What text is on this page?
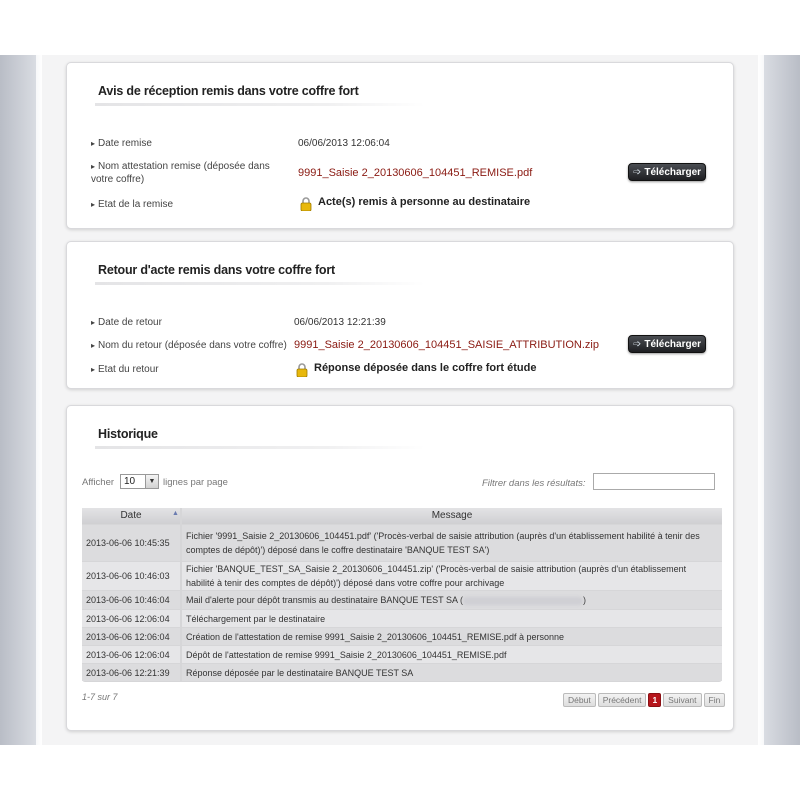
Avis de réception remis dans votre coffre fort
▸ Date remise	06/06/2013 12:06:04
▸ Nom attestation remise (déposée dans votre coffre)
9991_Saisie 2_20130606_104451_REMISE.pdf	➩ Télécharger
▸ Etat de la remise	Acte(s) remis à personne au destinataire
Retour d'acte remis dans votre coffre fort
▸ Date de retour	06/06/2013 12:21:39
▸ Nom du retour (déposée dans votre coffre) 9991_Saisie 2_20130606_104451_SAISIE_ATTRIBUTION.zip	➩ Télécharger
▸ Etat du retour	Réponse déposée dans le coffre fort étude
Historique
Afficher 10	▼ lignes par page	Filtrer dans les résultats:
Date	▲	Message
2013-06-06 10:45:35
Fichier '9991_Saisie 2_20130606_104451.pdf' ('Procès-verbal de saisie attribution (auprès d'un établissement habilité à tenir des comptes de dépôt)') déposé dans le coffre destinataire 'BANQUE TEST SA')
2013-06-06 10:46:03
Fichier 'BANQUE_TEST_SA_Saisie 2_20130606_104451.zip' ('Procès-verbal de saisie attribution (auprès d'un établissement habilité à tenir des comptes de dépôt)') déposé dans votre coffre pour archivage
2013-06-06 10:46:04	Mail d'alerte pour dépôt transmis au destinataire BANQUE TEST SA (	)
2013-06-06 12:06:04	Téléchargement par le destinataire
2013-06-06 12:06:04	Création de l'attestation de remise 9991_Saisie 2_20130606_104451_REMISE.pdf à personne
2013-06-06 12:06:04	Dépôt de l'attestation de remise 9991_Saisie 2_20130606_104451_REMISE.pdf
2013-06-06 12:21:39	Réponse déposée par le destinataire BANQUE TEST SA
1-7 sur 7	Début	Précédent	1	Suivant	Fin
